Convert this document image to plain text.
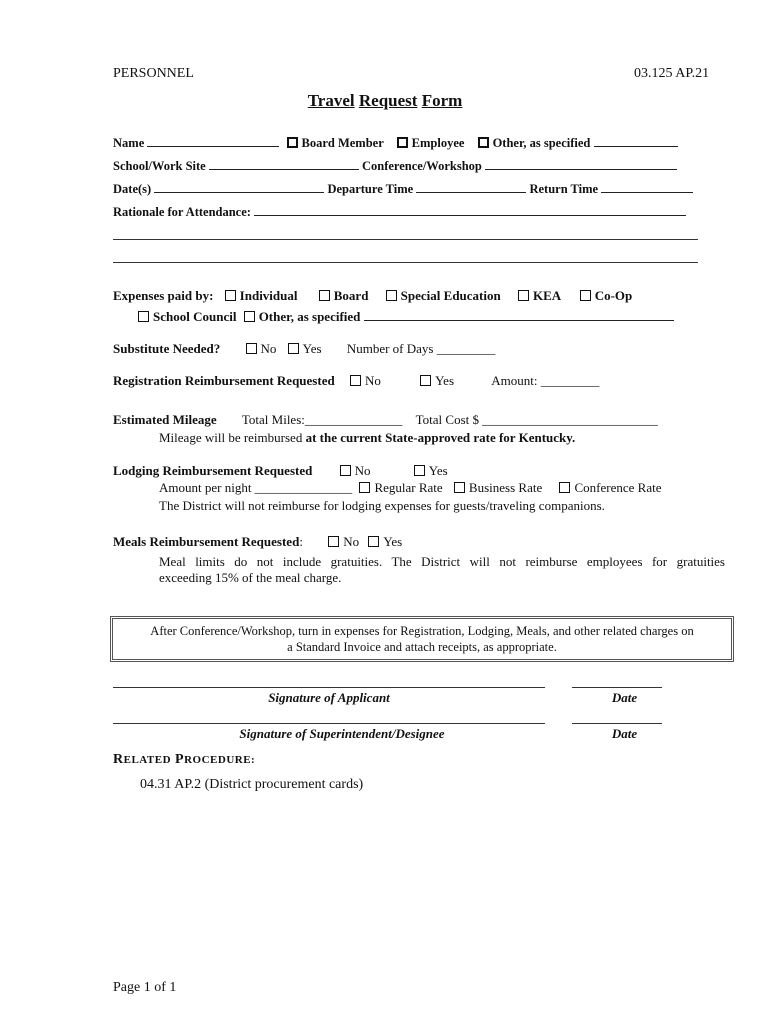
PERSONNEL	03.125 AP.21
Travel Request Form
Name	Board Member Employee Other, as specified
School/Work Site	Conference/Workshop
Date(s)	Departure Time	Return Time
Rationale for Attendance:
Expenses paid by: Individual	Board Special Education KEA	Co-Op
School Council Other, as specified
Substitute Needed?	No Yes Number of Days _________
Registration Reimbursement Requested No	Yes	Amount: _________
Estimated Mileage Total Miles:_______________ Total Cost $ ___________________________
Mileage will be reimbursed at the current State-approved rate for Kentucky.
Lodging Reimbursement Requested	No	Yes
Amount per night _______________ Regular Rate Business Rate Conference Rate
The District will not reimburse for lodging expenses for guests/traveling companions.
Meals Reimbursement Requested:	No Yes
Meal limits do not include gratuities. The District will not reimburse employees for gratuities
exceeding 15% of the meal charge.
After Conference/Workshop, turn in expenses for Registration, Lodging, Meals, and other related charges on
a Standard Invoice and attach receipts, as appropriate.
Signature of Applicant	Date
Signature of Superintendent/Designee	Date
RELATED PROCEDURE:
04.31 AP.2 (District procurement cards)
Page 1 of 1
